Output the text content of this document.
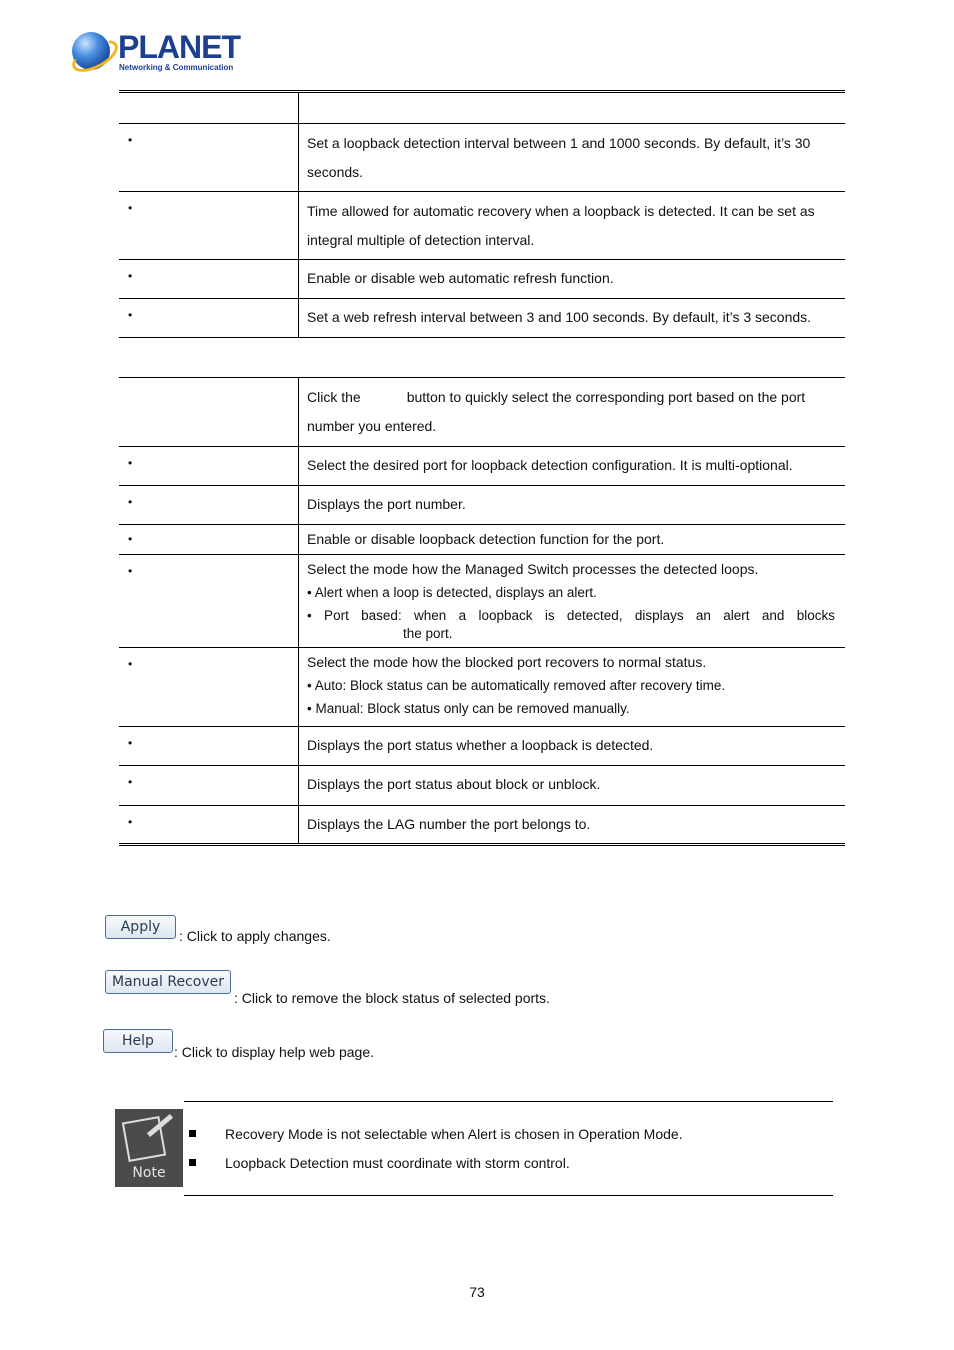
PLANET
Networking & Communication

•	Set a loopback detection interval between 1 and 1000 seconds. By default, it’s 30 seconds.

•	Time allowed for automatic recovery when a loopback is detected. It can be set as integral multiple of detection interval.

•	Enable or disable web automatic refresh function.

•	Set a web refresh interval between 3 and 100 seconds. By default, it’s 3 seconds.
	Click the button to quickly select the corresponding port based on the port number you entered.

•	Select the desired port for loopback detection configuration. It is multi-optional.

•	Displays the port number.

•	Enable or disable loopback detection function for the port.

•	Select the mode how the Managed Switch processes the detected loops.
• Alert when a loop is detected, displays an alert.
• Port based: when a loopback is detected, displays an alert and blocks
the port.

•	Select the mode how the blocked port recovers to normal status.
• Auto: Block status can be automatically removed after recovery time.
• Manual: Block status only can be removed manually.

•	Displays the port status whether a loopback is detected.

•	Displays the port status about block or unblock.

•	Displays the LAG number the port belongs to.
Apply
: Click to apply changes.
Manual Recover
: Click to remove the block status of selected ports.
Help
: Click to display help web page.
Note
Recovery Mode is not selectable when Alert is chosen in Operation Mode.
Loopback Detection must coordinate with storm control.
73
